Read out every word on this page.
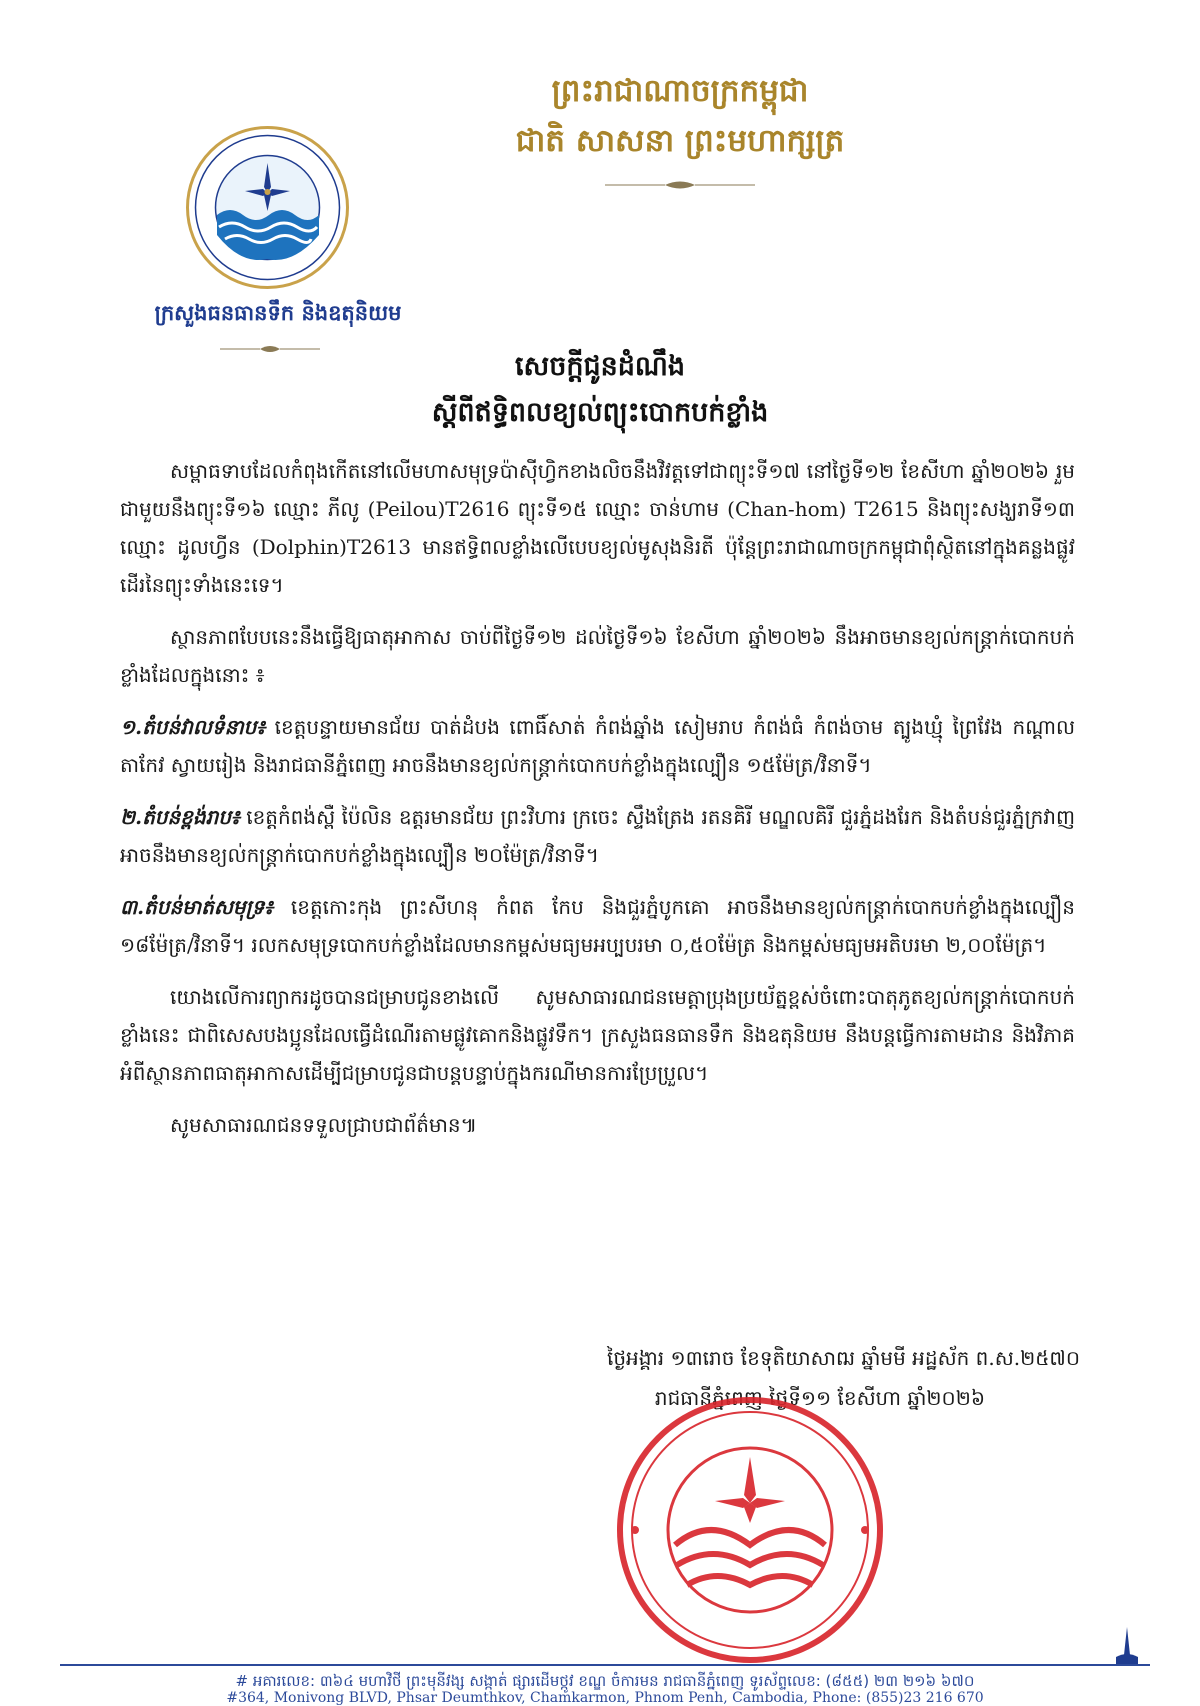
ក្រសួងធនធានទឹក និងឧតុនិយម
ព្រះរាជាណាចក្រកម្ពុជា
ជាតិ សាសនា ព្រះមហាក្សត្រ
សេចក្តីជូនដំណឹង
ស្តីពីឥទ្ធិពលខ្យល់ព្យុះបោកបក់ខ្លាំង

សម្ពាធទាបដែលកំពុងកើតនៅលើមហាសមុទ្រប៉ាស៊ីហ្វិកខាងលិចនឹងវិវត្តទៅជាព្យុះទី១៧ នៅថ្ងៃទី១២ ខែសីហា ឆ្នាំ២០២៦ រួមជាមួយនឹងព្យុះទី១៦ ឈ្មោះ ភីលូ (Peilou)T2616 ព្យុះទី១៥ ឈ្មោះ ចាន់ហាម (Chan-hom) T2615 និងព្យុះសង្ឃរាទី១៣ ឈ្មោះ ដូលហ្វីន (Dolphin)T2613 មានឥទ្ធិពលខ្លាំងលើបេបខ្យល់មូសុងនិរតី ប៉ុន្តែព្រះរាជាណាចក្រកម្ពុជាពុំស្ថិតនៅក្នុងគន្លងផ្លូវដើរនៃព្យុះទាំងនេះទេ។

ស្ថានភាពបែបនេះនឹងធ្វើឱ្យធាតុអាកាស ចាប់ពីថ្ងៃទី១២ ដល់ថ្ងៃទី១៦ ខែសីហា ឆ្នាំ២០២៦ នឹងអាចមានខ្យល់កន្ត្រាក់បោកបក់ខ្លាំងដែលក្នុងនោះ ៖

១.តំបន់វាលទំនាប៖ ខេត្តបន្ទាយមានជ័យ បាត់ដំបង ពោធិ៍សាត់ កំពង់ឆ្នាំង សៀមរាប កំពង់ធំ កំពង់ចាម ត្បូងឃ្មុំ ព្រៃវែង កណ្តាល តាកែវ ស្វាយរៀង និងរាជធានីភ្នំពេញ អាចនឹងមានខ្យល់កន្ត្រាក់បោកបក់ខ្លាំងក្នុងល្បឿន ១៥ម៉ែត្រ/វិនាទី។

២.តំបន់ខ្ពង់រាប៖ ខេត្តកំពង់ស្ពឺ ប៉ៃលិន ឧត្តរមានជ័យ ព្រះវិហារ ក្រចេះ ស្ទឹងត្រែង រតនគិរី មណ្ឌលគិរី ជួរភ្នំដងរែក និងតំបន់ជួរភ្នំក្រវាញ អាចនឹងមានខ្យល់កន្ត្រាក់បោកបក់ខ្លាំងក្នុងល្បឿន ២០ម៉ែត្រ/វិនាទី។

៣.តំបន់មាត់សមុទ្រ៖ ខេត្តកោះកុង ព្រះសីហនុ កំពត កែប និងជួរភ្នំបូកគោ អាចនឹងមានខ្យល់កន្ត្រាក់បោកបក់ខ្លាំងក្នុងល្បឿន ១៨ម៉ែត្រ/វិនាទី។ រលកសមុទ្របោកបក់ខ្លាំងដែលមានកម្ពស់មធ្យមអប្បបរមា ០,៥០ម៉ែត្រ និងកម្ពស់មធ្យមអតិបរមា ២,០០ម៉ែត្រ។

យោងលើការព្យាករដូចបានជម្រាបជូនខាងលើ សូមសាធារណជនមេត្តាប្រុងប្រយ័ត្នខ្ពស់ចំពោះបាតុភូតខ្យល់កន្ត្រាក់បោកបក់ខ្លាំងនេះ ជាពិសេសបងប្អូនដែលធ្វើដំណើរតាមផ្លូវគោកនិងផ្លូវទឹក។ ក្រសួងធនធានទឹក និងឧតុនិយម នឹងបន្តធ្វើការតាមដាន និងវិភាគអំពីស្ថានភាពធាតុអាកាសដើម្បីជម្រាបជូនជាបន្តបន្ទាប់ក្នុងករណីមានការប្រែប្រួល។

សូមសាធារណជនទទួលជ្រាបជាព័ត៌មាន៕

ថ្ងៃអង្គារ ១៣រោច ខែទុតិយាសាឍ ឆ្នាំមមី អដ្ឋស័ក ព.ស.២៥៧០
រាជធានីភ្នំពេញ ថ្ងៃទី១១ ខែសីហា ឆ្នាំ២០២៦
# អគារលេខ: ៣៦៤ មហាវិថី ព្រះមុនីវង្ស សង្កាត់ ផ្សារដើមថ្កូវ ខណ្ឌ ចំការមន រាជធានីភ្នំពេញ ទូរស័ព្ទលេខ: (៨៥៥) ២៣ ២១៦ ៦៧០
#364, Monivong BLVD, Phsar Deumthkov, Chamkarmon, Phnom Penh, Cambodia, Phone: (855)23 216 670
